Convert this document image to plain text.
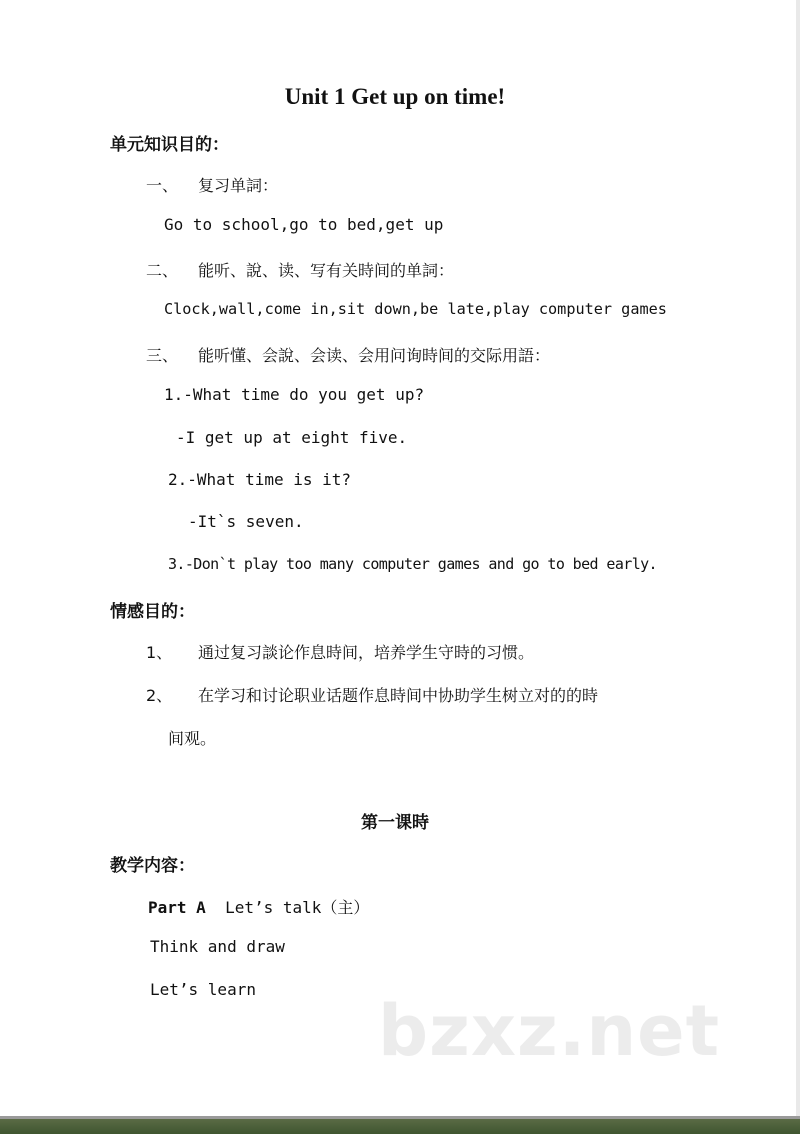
Unit 1 Get up on time!
单元知识目的：
一、 复习单詞：
Go to school,go to bed,get up
二、 能听、說、读、写有关時间的单詞：
Clock,wall,come in,sit down,be late,play computer games
三、 能听懂、会說、会读、会用问询時间的交际用語：
1.-What time do you get up?
-I get up at eight five.
2.-What time is it?
-It`s seven.
3.-Don`t play too many computer games and go to bed early.
情感目的：
1、 通过复习談论作息時间，培养学生守時的习惯。
2、 在学习和讨论职业话题作息時间中协助学生树立对的的時
间观。
第一课時
教学内容：
Part A Let’s talk（主）
Think and draw
Let’s learn
bzxz.net
